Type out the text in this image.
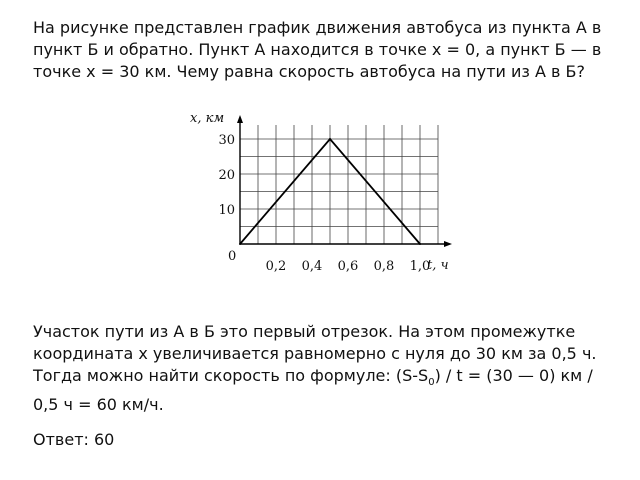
На рисунке представлен график движения автобуса из пункта А в пункт Б и обратно. Пункт А находится в точке x = 0, а пункт Б — в точке x = 30 км. Чему равна скорость автобуса на пути из А в Б?

0
0,2 0,4 0,6 0,8 1,0
10
20
30
x, км
t, ч

Участок пути из А в Б это первый отрезок. На этом промежутке координата x увеличивается равномерно с нуля до 30 км за 0,5 ч. Тогда можно найти скорость по формуле: $(S-S_0) / t = (30$ — 0) км / 0,5 ч = 60 км/ч.

Ответ: 60
